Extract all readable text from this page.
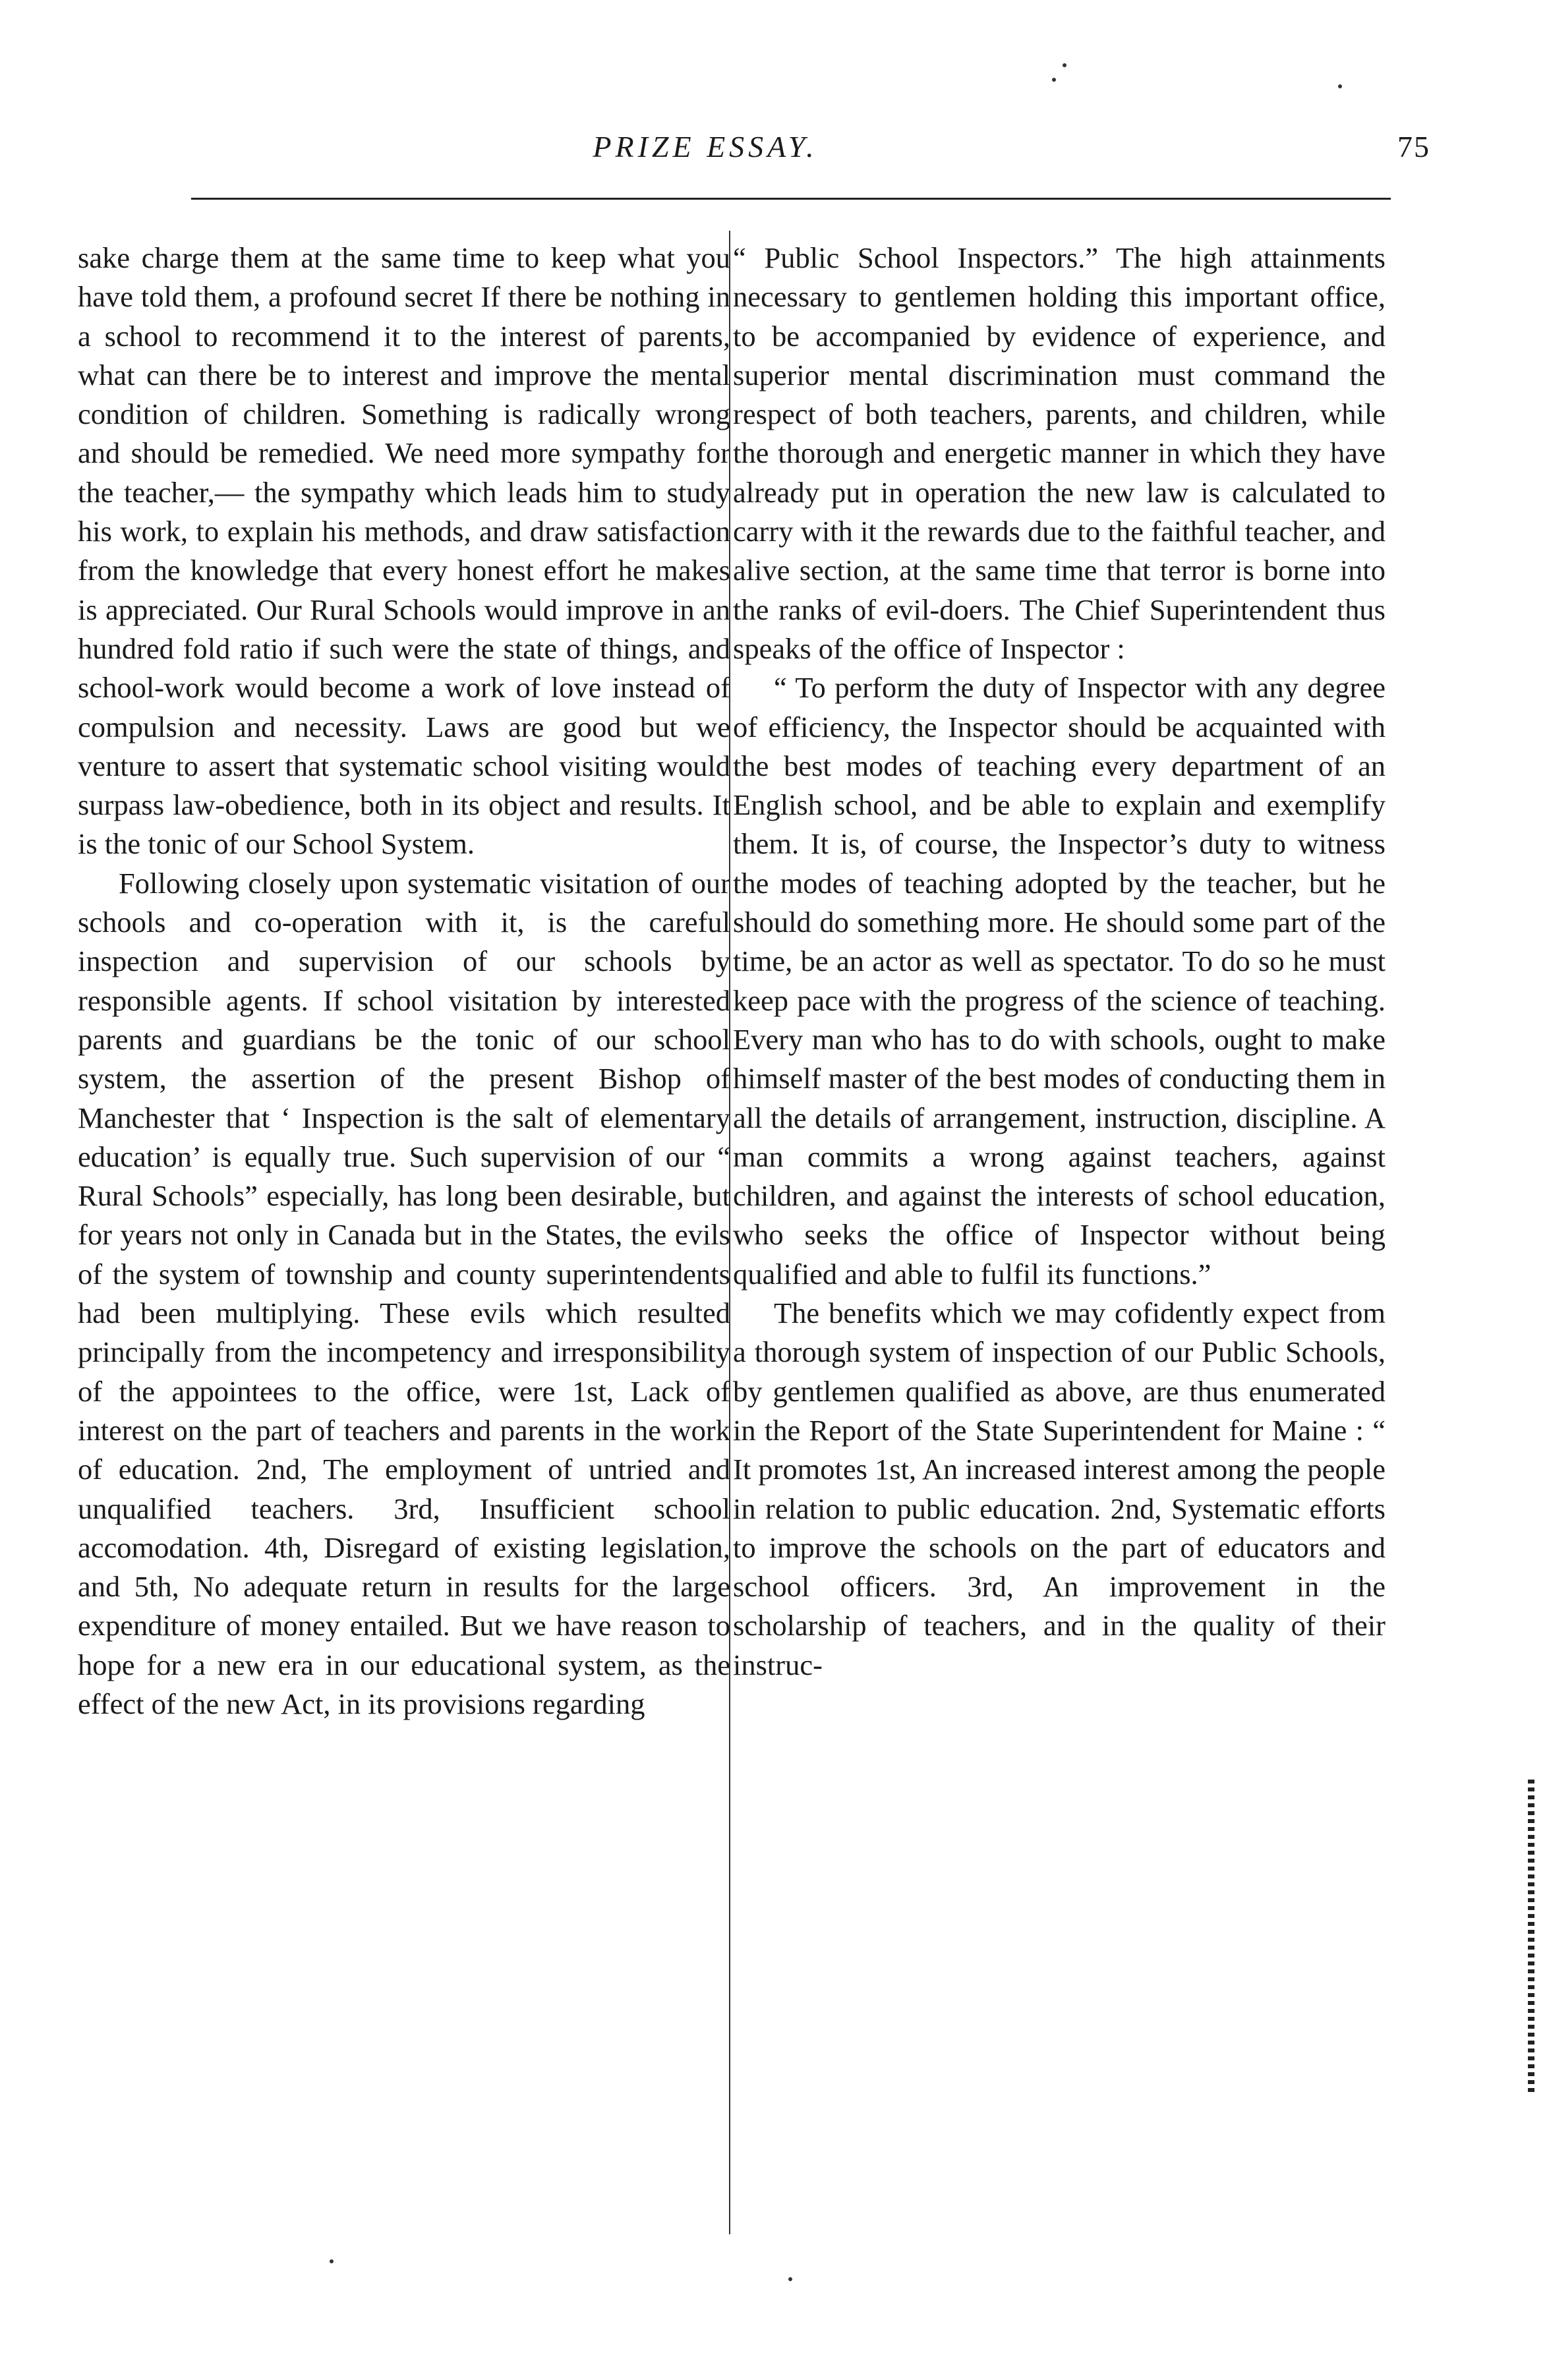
PRIZE ESSAY.	75

sake charge them at the same time to keep what you have told them, a profound secret If there be nothing in a school to recommend it to the interest of parents, what can there be to interest and improve the mental condition of children. Something is radically wrong and should be remedied. We need more sympathy for the teacher,— the sympathy which leads him to study his work, to explain his methods, and draw satisfaction from the knowledge that every honest effort he makes is appreciated. Our Rural Schools would improve in an hundred fold ratio if such were the state of things, and school-work would become a work of love instead of compulsion and necessity. Laws are good but we venture to assert that systematic school visiting would surpass law-obedience, both in its object and results. It is the tonic of our School System.

Following closely upon systematic visitation of our schools and co-operation with it, is the careful inspection and supervision of our schools by responsible agents. If school visitation by interested parents and guardians be the tonic of our school system, the assertion of the present Bishop of Manchester that ‘ Inspection is the salt of elementary education’ is equally true. Such supervision of our “ Rural Schools” especially, has long been desirable, but for years not only in Canada but in the States, the evils of the system of township and county superintendents had been multiplying. These evils which resulted principally from the incompetency and irresponsibility of the appointees to the office, were 1st, Lack of interest on the part of teachers and parents in the work of education. 2nd, The employment of untried and unqualified teachers. 3rd, Insufficient school accomodation. 4th, Disregard of existing legislation, and 5th, No adequate return in results for the large expenditure of money entailed. But we have reason to hope for a new era in our educational system, as the effect of the new Act, in its provisions regarding

“ Public School Inspectors.” The high attainments necessary to gentlemen holding this important office, to be accompanied by evidence of experience, and superior mental discrimination must command the respect of both teachers, parents, and children, while the thorough and energetic manner in which they have already put in operation the new law is calculated to carry with it the rewards due to the faithful teacher, and alive section, at the same time that terror is borne into the ranks of evil-doers. The Chief Superintendent thus speaks of the office of Inspector :

“ To perform the duty of Inspector with any degree of efficiency, the Inspector should be acquainted with the best modes of teaching every department of an English school, and be able to explain and exemplify them. It is, of course, the Inspector’s duty to witness the modes of teaching adopted by the teacher, but he should do something more. He should some part of the time, be an actor as well as spectator. To do so he must keep pace with the progress of the science of teaching. Every man who has to do with schools, ought to make himself master of the best modes of conducting them in all the details of arrangement, instruction, discipline. A man commits a wrong against teachers, against children, and against the interests of school education, who seeks the office of Inspector without being qualified and able to fulfil its functions.”

The benefits which we may cofidently expect from a thorough system of inspection of our Public Schools, by gentlemen qualified as above, are thus enumerated in the Report of the State Superintendent for Maine : “ It promotes 1st, An increased interest among the people in relation to public education. 2nd, Systematic efforts to improve the schools on the part of educators and school officers. 3rd, An improvement in the scholarship of teachers, and in the quality of their instruc-
